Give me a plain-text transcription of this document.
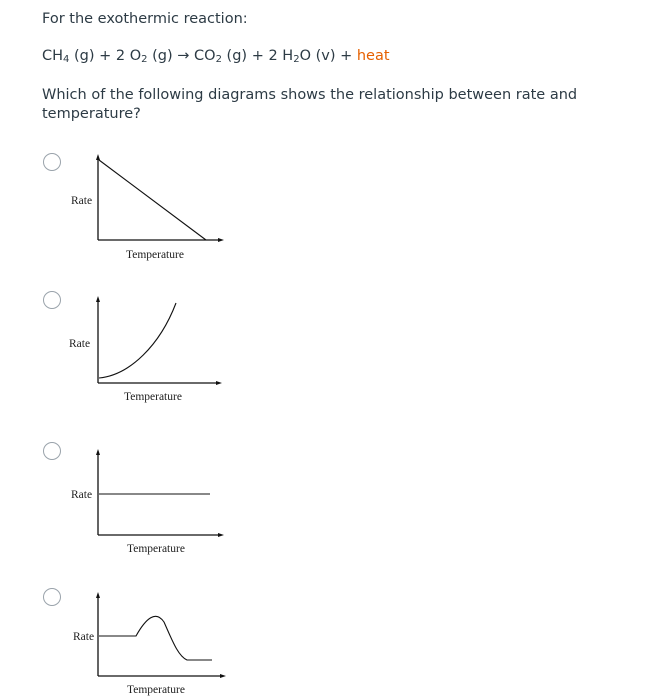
For the exothermic reaction:
$CH_4$ (g) + 2 $O_2$ $(g) \to CO_2$ (g) + 2 $H_2O$ (v) + heat
Which of the following diagrams shows the relationship between rate and temperature?
Rate
Temperature
Rate
Temperature
Rate
Temperature
Rate
Temperature
